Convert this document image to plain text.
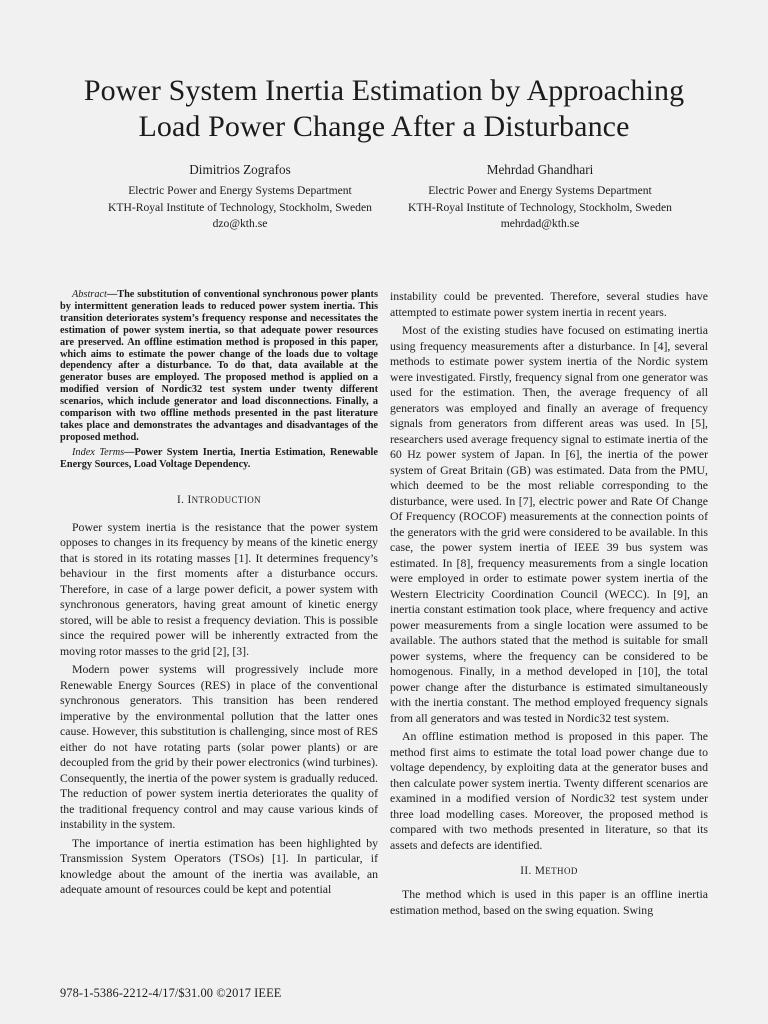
Power System Inertia Estimation by Approaching
Load Power Change After a Disturbance
Dimitrios Zografos
Electric Power and Energy Systems Department
KTH-Royal Institute of Technology, Stockholm, Sweden
dzo@kth.se
Mehrdad Ghandhari
Electric Power and Energy Systems Department
KTH-Royal Institute of Technology, Stockholm, Sweden
mehrdad@kth.se

Abstract—The substitution of conventional synchronous power plants by intermittent generation leads to reduced power system inertia. This transition deteriorates system’s frequency response and necessitates the estimation of power system inertia, so that adequate power resources are preserved. An offline estimation method is proposed in this paper, which aims to estimate the power change of the loads due to voltage dependency after a disturbance. To do that, data available at the generator buses are employed. The proposed method is applied on a modified version of Nordic32 test system under twenty different scenarios, which include generator and load disconnections. Finally, a comparison with two offline methods presented in the past literature takes place and demonstrates the advantages and disadvantages of the proposed method.

Index Terms—Power System Inertia, Inertia Estimation, Renewable Energy Sources, Load Voltage Dependency.

I. INTRODUCTION

Power system inertia is the resistance that the power system opposes to changes in its frequency by means of the kinetic energy that is stored in its rotating masses [1]. It determines frequency’s behaviour in the first moments after a disturbance occurs. Therefore, in case of a large power deficit, a power system with synchronous generators, having great amount of kinetic energy stored, will be able to resist a frequency deviation. This is possible since the required power will be inherently extracted from the moving rotor masses to the grid [2], [3].

Modern power systems will progressively include more Renewable Energy Sources (RES) in place of the conventional synchronous generators. This transition has been rendered imperative by the environmental pollution that the latter ones cause. However, this substitution is challenging, since most of RES either do not have rotating parts (solar power plants) or are decoupled from the grid by their power electronics (wind turbines). Consequently, the inertia of the power system is gradually reduced. The reduction of power system inertia deteriorates the quality of the traditional frequency control and may cause various kinds of instability in the system.

The importance of inertia estimation has been highlighted by Transmission System Operators (TSOs) [1]. In particular, if knowledge about the amount of the inertia was available, an adequate amount of resources could be kept and potential

instability could be prevented. Therefore, several studies have attempted to estimate power system inertia in recent years.

Most of the existing studies have focused on estimating inertia using frequency measurements after a disturbance. In [4], several methods to estimate power system inertia of the Nordic system were investigated. Firstly, frequency signal from one generator was used for the estimation. Then, the average frequency of all generators was employed and finally an average of frequency signals from generators from different areas was used. In [5], researchers used average frequency signal to estimate inertia of the 60 Hz power system of Japan. In [6], the inertia of the power system of Great Britain (GB) was estimated. Data from the PMU, which deemed to be the most reliable corresponding to the disturbance, were used. In [7], electric power and Rate Of Change Of Frequency (ROCOF) measurements at the connection points of the generators with the grid were considered to be available. In this case, the power system inertia of IEEE 39 bus system was estimated. In [8], frequency measurements from a single location were employed in order to estimate power system inertia of the Western Electricity Coordination Council (WECC). In [9], an inertia constant estimation took place, where frequency and active power measurements from a single location were assumed to be available. The authors stated that the method is suitable for small power systems, where the frequency can be considered to be homogenous. Finally, in a method developed in [10], the total power change after the disturbance is estimated simultaneously with the inertia constant. The method employed frequency signals from all generators and was tested in Nordic32 test system.

An offline estimation method is proposed in this paper. The method first aims to estimate the total load power change due to voltage dependency, by exploiting data at the generator buses and then calculate power system inertia. Twenty different scenarios are examined in a modified version of Nordic32 test system under three load modelling cases. Moreover, the proposed method is compared with two methods presented in literature, so that its assets and defects are identified.

II. METHOD

The method which is used in this paper is an offline inertia estimation method, based on the swing equation. Swing

978-1-5386-2212-4/17/$31.00 ©2017 IEEE
